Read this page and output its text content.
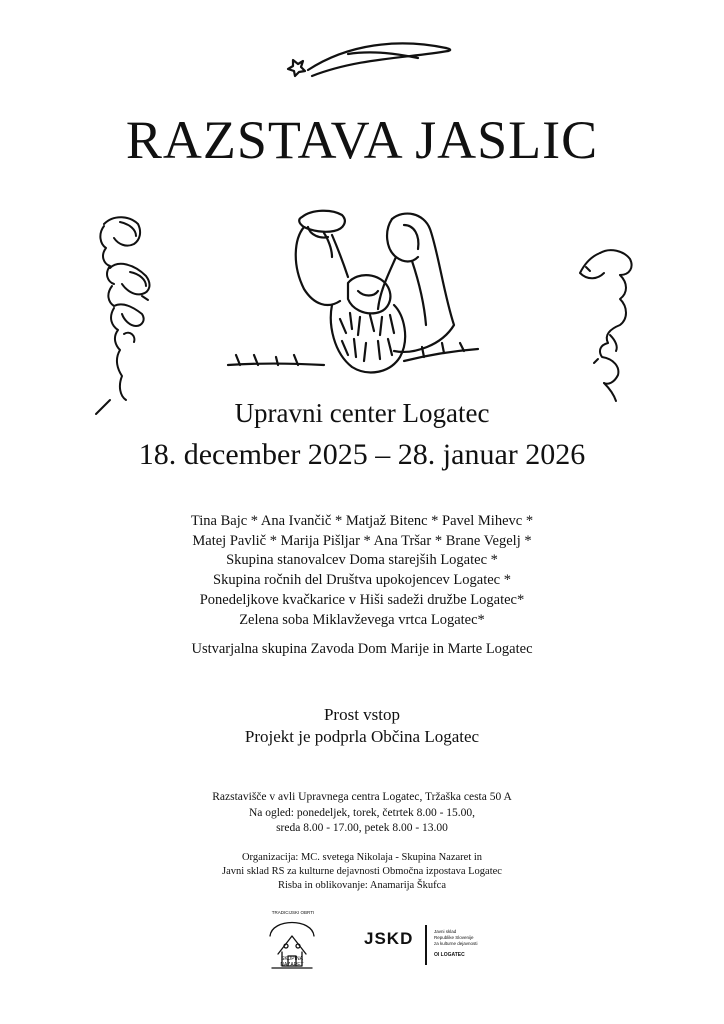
RAZSTAVA JASLIC
Upravni center Logatec
18. december 2025 – 28. januar 2026
Tina Bajc * Ana Ivančič * Matjaž Bitenc * Pavel Mihevc *
Matej Pavlič * Marija Pišljar * Ana Tršar * Brane Vegelj *
Skupina stanovalcev Doma starejših Logatec *
Skupina ročnih del Društva upokojencev Logatec *
Ponedeljkove kvačkarice v Hiši sadeži družbe Logatec*
Zelena soba Miklavževega vrtca Logatec*
Ustvarjalna skupina Zavoda Dom Marije in Marte Logatec
Prost vstop
Projekt je podprla Občina Logatec
Razstavišče v avli Upravnega centra Logatec, Tržaška cesta 50 A
Na ogled: ponedeljek, torek, četrtek 8.00 - 15.00,
sreda 8.00 - 17.00, petek 8.00 - 13.00
Organizacija: MC. svetega Nikolaja - Skupina Nazaret in
Javni sklad RS za kulturne dejavnosti Območna izpostava Logatec
Risba in oblikovanje: Anamarija Škufca
TRADICIJSKI OBRTI
SKUPINA
NAZARET
JSKD	Javni sklad
Republike Slovenije
za kulturne dejavnosti
OI LOGATEC
